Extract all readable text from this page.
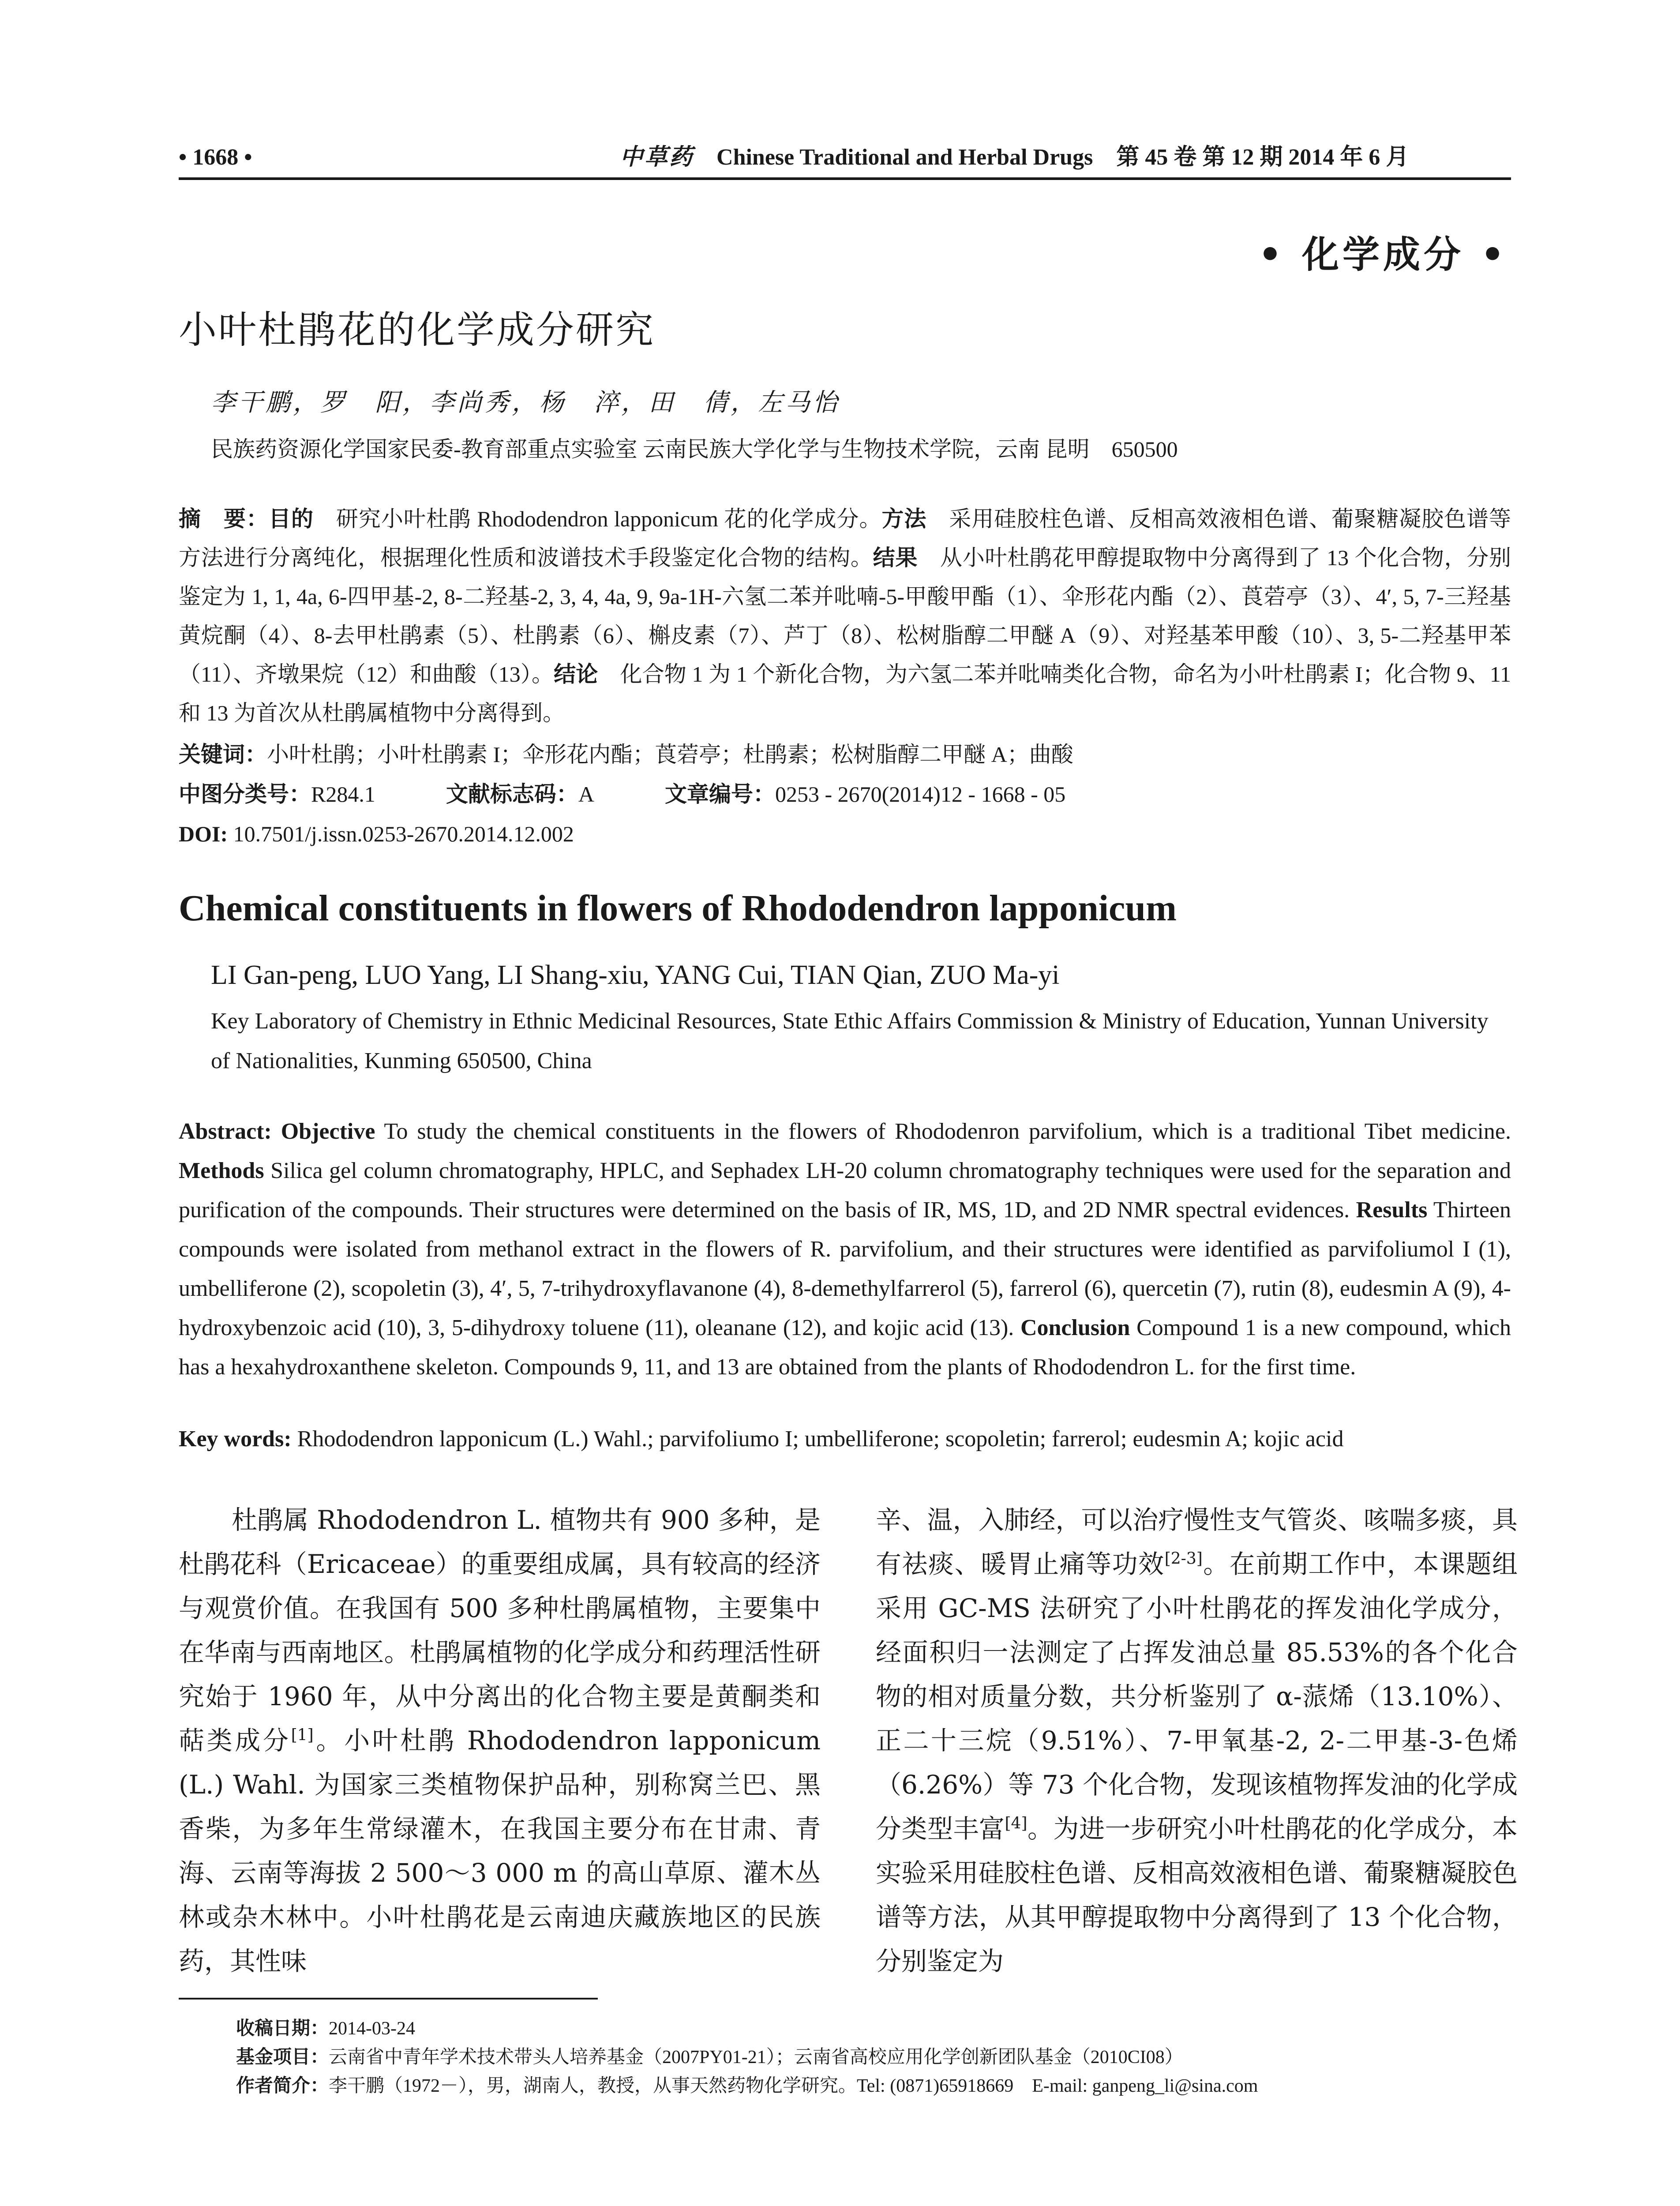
• 1668 •	中草药 Chinese Traditional and Herbal Drugs 第 45 卷 第 12 期 2014 年 6 月
• 化学成分 •
小叶杜鹃花的化学成分研究
李干鹏，罗　阳，李尚秀，杨　淬，田　倩，左马怡
民族药资源化学国家民委-教育部重点实验室 云南民族大学化学与生物技术学院，云南 昆明　650500
摘　要：目的　研究小叶杜鹃 Rhododendron lapponicum 花的化学成分。方法　采用硅胶柱色谱、反相高效液相色谱、葡聚糖凝胶色谱等方法进行分离纯化，根据理化性质和波谱技术手段鉴定化合物的结构。结果　从小叶杜鹃花甲醇提取物中分离得到了 13 个化合物，分别鉴定为 1, 1, 4a, 6-四甲基-2, 8-二羟基-2, 3, 4, 4a, 9, 9a-1H-六氢二苯并吡喃-5-甲酸甲酯（1）、伞形花内酯（2）、莨菪亭（3）、4′, 5, 7-三羟基黄烷酮（4）、8-去甲杜鹃素（5）、杜鹃素（6）、槲皮素（7）、芦丁（8）、松树脂醇二甲醚 A（9）、对羟基苯甲酸（10）、3, 5-二羟基甲苯（11）、齐墩果烷（12）和曲酸（13）。结论　化合物 1 为 1 个新化合物，为六氢二苯并吡喃类化合物，命名为小叶杜鹃素 I；化合物 9、11 和 13 为首次从杜鹃属植物中分离得到。
关键词：小叶杜鹃；小叶杜鹃素 I；伞形花内酯；莨菪亭；杜鹃素；松树脂醇二甲醚 A；曲酸
中图分类号：R284.1	文献标志码：A	文章编号：0253 - 2670(2014)12 - 1668 - 05
DOI: 10.7501/j.issn.0253-2670.2014.12.002
Chemical constituents in flowers of Rhododendron lapponicum
LI Gan-peng, LUO Yang, LI Shang-xiu, YANG Cui, TIAN Qian, ZUO Ma-yi
Key Laboratory of Chemistry in Ethnic Medicinal Resources, State Ethic Affairs Commission & Ministry of Education, Yunnan University of Nationalities, Kunming 650500, China
Abstract: Objective To study the chemical constituents in the flowers of Rhododenron parvifolium, which is a traditional Tibet medicine. Methods Silica gel column chromatography, HPLC, and Sephadex LH-20 column chromatography techniques were used for the separation and purification of the compounds. Their structures were determined on the basis of IR, MS, 1D, and 2D NMR spectral evidences. Results Thirteen compounds were isolated from methanol extract in the flowers of R. parvifolium, and their structures were identified as parvifoliumol I (1), umbelliferone (2), scopoletin (3), 4′, 5, 7-trihydroxyflavanone (4), 8-demethylfarrerol (5), farrerol (6), quercetin (7), rutin (8), eudesmin A (9), 4-hydroxybenzoic acid (10), 3, 5-dihydroxy toluene (11), oleanane (12), and kojic acid (13). Conclusion Compound 1 is a new compound, which has a hexahydroxanthene skeleton. Compounds 9, 11, and 13 are obtained from the plants of Rhododendron L. for the first time.
Key words: Rhododendron lapponicum (L.) Wahl.; parvifoliumo I; umbelliferone; scopoletin; farrerol; eudesmin A; kojic acid
杜鹃属 Rhododendron L. 植物共有 900 多种，是杜鹃花科（Ericaceae）的重要组成属，具有较高的经济与观赏价值。在我国有 500 多种杜鹃属植物，主要集中在华南与西南地区。杜鹃属植物的化学成分和药理活性研究始于 1960 年，从中分离出的化合物主要是黄酮类和萜类成分[1]。小叶杜鹃 Rhododendron lapponicum (L.) Wahl. 为国家三类植物保护品种，别称窝兰巴、黑香柴，为多年生常绿灌木，在我国主要分布在甘肃、青海、云南等海拔 2 500～3 000 m 的高山草原、灌木丛林或杂木林中。小叶杜鹃花是云南迪庆藏族地区的民族药，其性味
辛、温，入肺经，可以治疗慢性支气管炎、咳喘多痰，具有祛痰、暖胃止痛等功效[2-3]。在前期工作中，本课题组采用 GC-MS 法研究了小叶杜鹃花的挥发油化学成分，经面积归一法测定了占挥发油总量 85.53%的各个化合物的相对质量分数，共分析鉴别了 α-蒎烯（13.10%）、正二十三烷（9.51%）、7-甲氧基-2, 2-二甲基-3-色烯（6.26%）等 73 个化合物，发现该植物挥发油的化学成分类型丰富[4]。为进一步研究小叶杜鹃花的化学成分，本实验采用硅胶柱色谱、反相高效液相色谱、葡聚糖凝胶色谱等方法，从其甲醇提取物中分离得到了 13 个化合物，分别鉴定为
收稿日期：2014-03-24
基金项目：云南省中青年学术技术带头人培养基金（2007PY01-21）；云南省高校应用化学创新团队基金（2010CI08）
作者简介：李干鹏（1972－），男，湖南人，教授，从事天然药物化学研究。Tel: (0871)65918669　E-mail: ganpeng_li@sina.com
